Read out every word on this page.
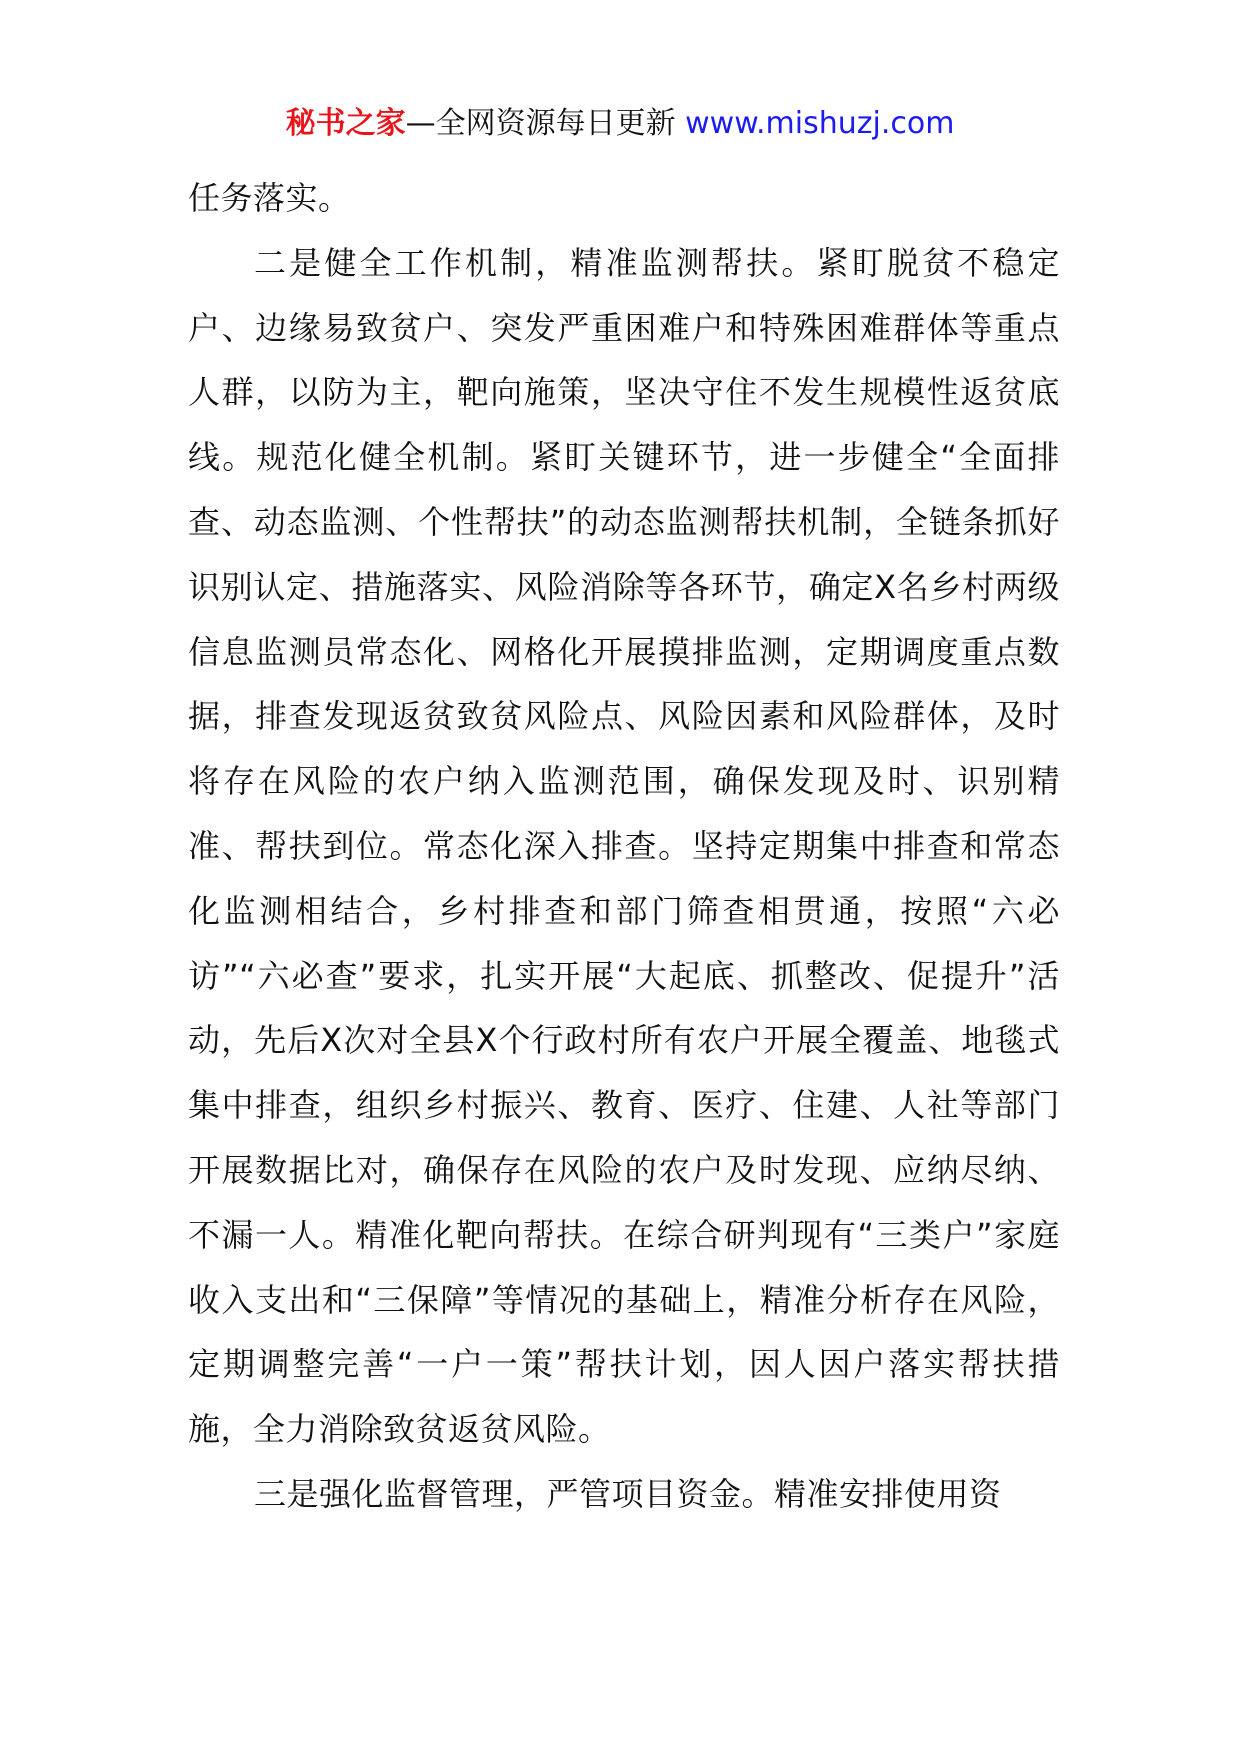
秘书之家—全网资源每日更新 www.mishuzj.com

任务落实。

二是健全工作机制，精准监测帮扶。紧盯脱贫不稳定户、边缘易致贫户、突发严重困难户和特殊困难群体等重点人群，以防为主，靶向施策，坚决守住不发生规模性返贫底线。规范化健全机制。紧盯关键环节，进一步健全“全面排查、动态监测、个性帮扶”的动态监测帮扶机制，全链条抓好识别认定、措施落实、风险消除等各环节，确定X名乡村两级信息监测员常态化、网格化开展摸排监测，定期调度重点数据，排查发现返贫致贫风险点、风险因素和风险群体，及时将存在风险的农户纳入监测范围，确保发现及时、识别精准、帮扶到位。常态化深入排查。坚持定期集中排查和常态化监测相结合，乡村排查和部门筛查相贯通，按照“六必访”“六必查”要求，扎实开展“大起底、抓整改、促提升”活动，先后X次对全县X个行政村所有农户开展全覆盖、地毯式集中排查，组织乡村振兴、教育、医疗、住建、人社等部门开展数据比对，确保存在风险的农户及时发现、应纳尽纳、不漏一人。精准化靶向帮扶。在综合研判现有“三类户”家庭收入支出和“三保障”等情况的基础上，精准分析存在风险，定期调整完善“一户一策”帮扶计划，因人因户落实帮扶措施，全力消除致贫返贫风险。

三是强化监督管理，严管项目资金。精准安排使用资
